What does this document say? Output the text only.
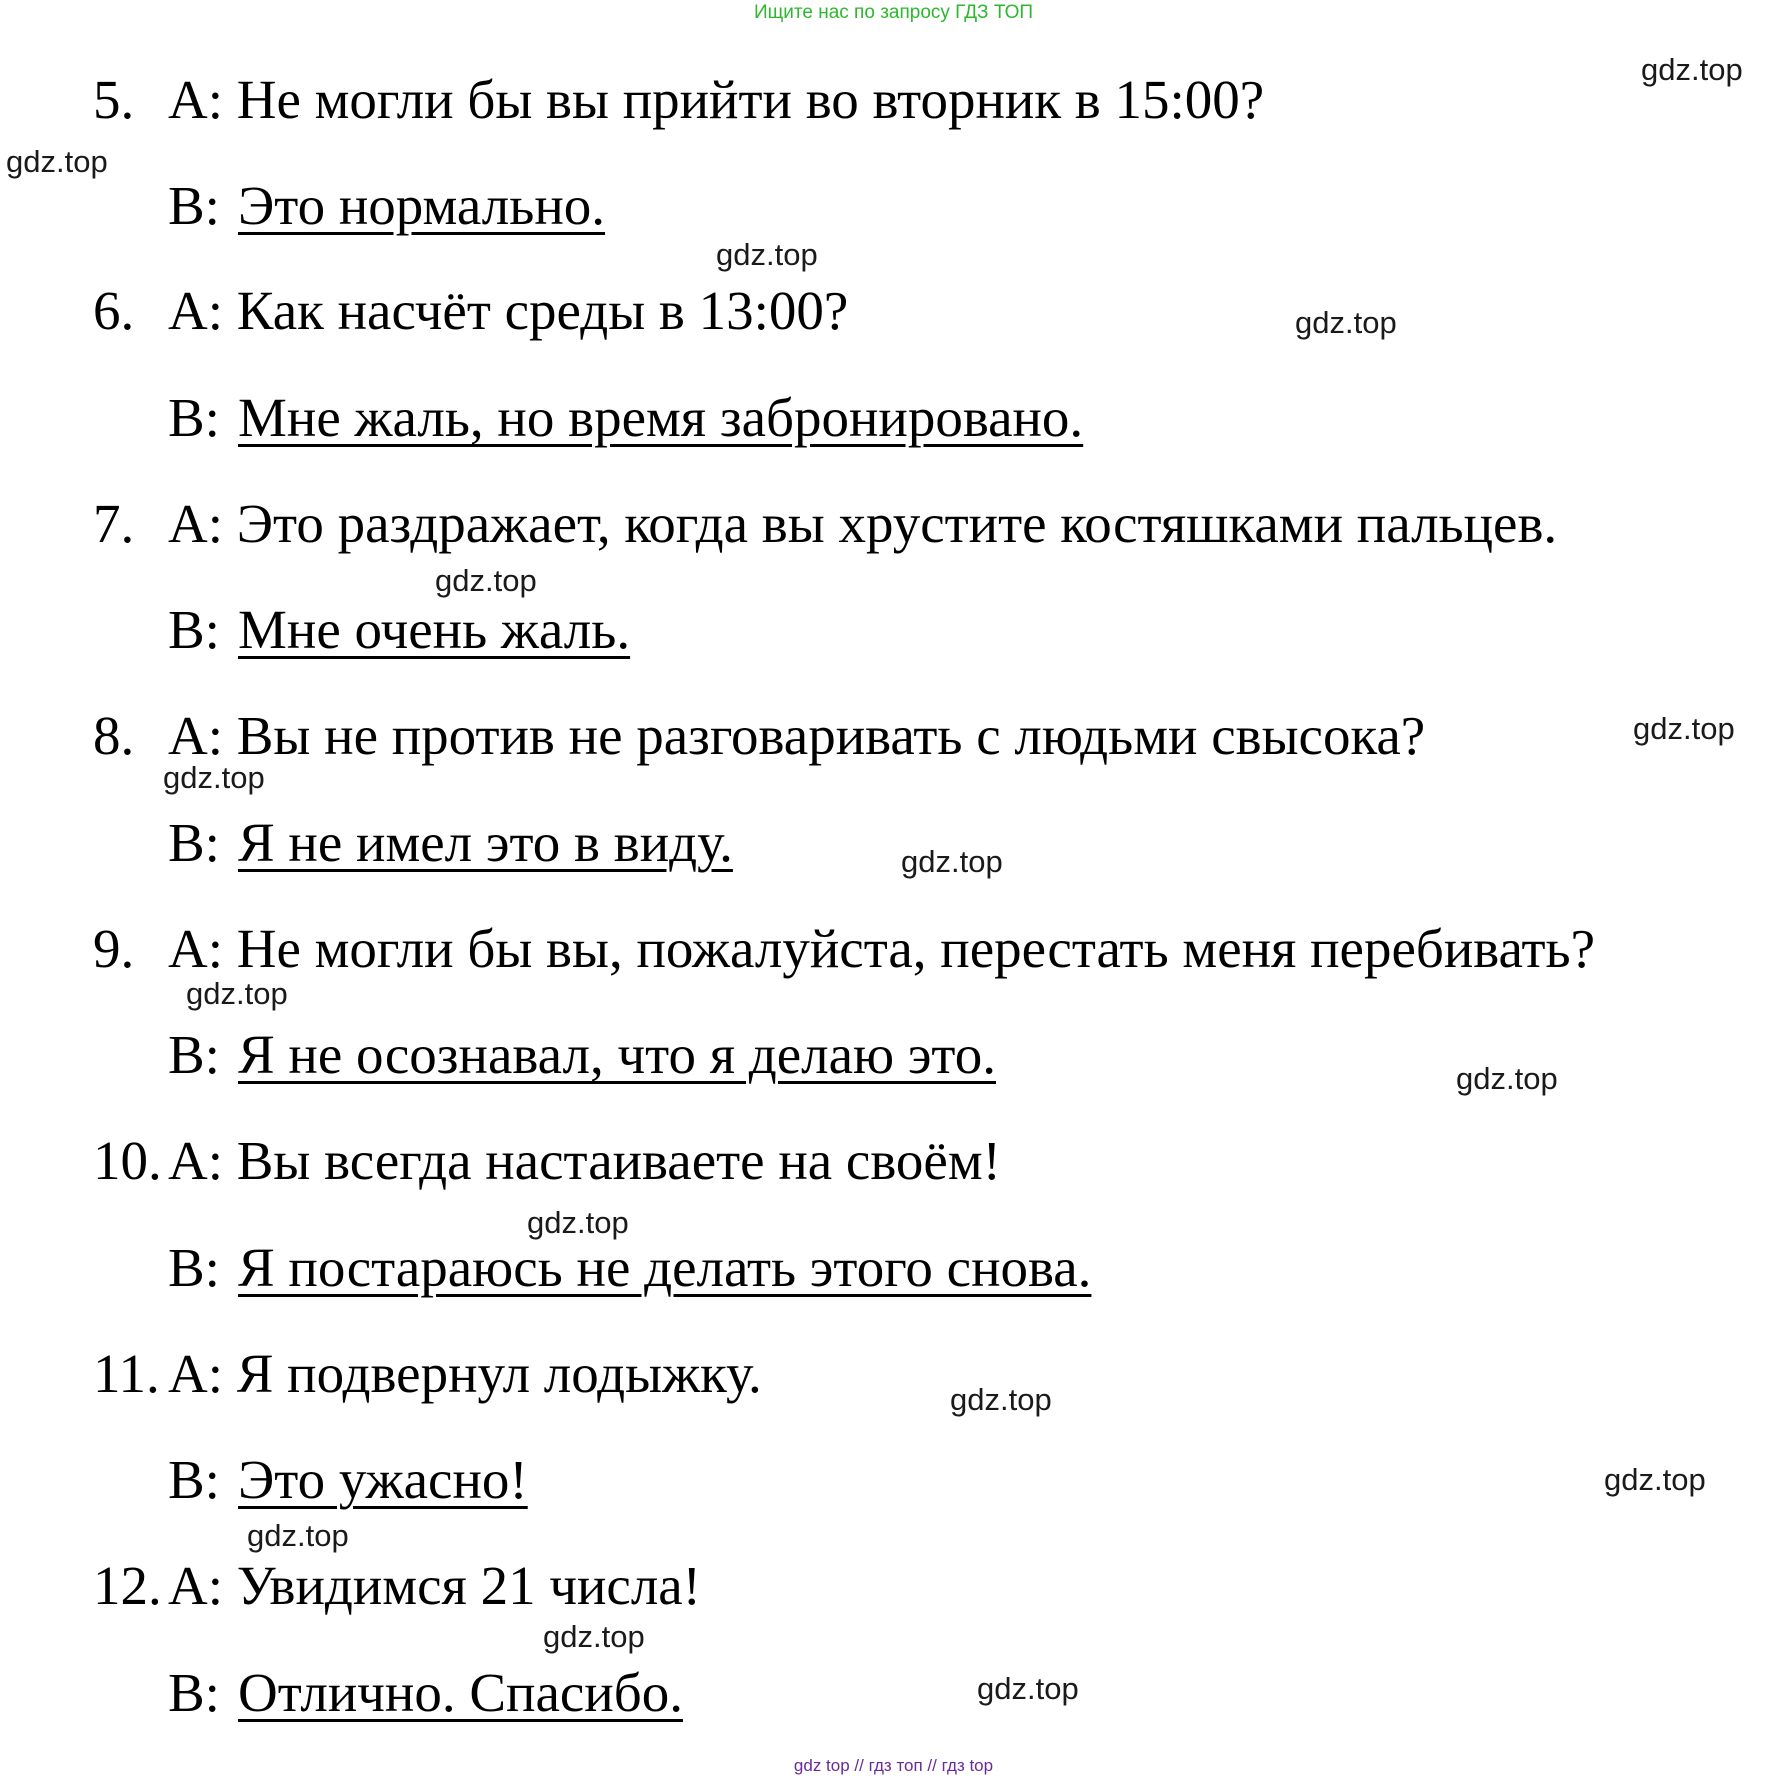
Ищите нас по запросу ГДЗ ТОП
5. A: Не могли бы вы прийти во вторник в 15:00?
B: Это нормально.
6. A: Как насчёт среды в 13:00?
B: Мне жаль, но время забронировано.
7. A: Это раздражает, когда вы хрустите костяшками пальцев.
B: Мне очень жаль.
8. A: Вы не против не разговаривать с людьми свысока?
B: Я не имел это в виду.
9. A: Не могли бы вы, пожалуйста, перестать меня перебивать?
B: Я не осознавал, что я делаю это.
10. A: Вы всегда настаиваете на своём!
B: Я постараюсь не делать этого снова.
11. A: Я подвернул лодыжку.
B: Это ужасно!
12. A: Увидимся 21 числа!
B: Отлично. Спасибо.
gdz.top
gdz.top
gdz.top
gdz.top
gdz.top
gdz.top
gdz.top
gdz.top
gdz.top
gdz.top
gdz.top
gdz.top
gdz.top
gdz.top
gdz.top
gdz.top
gdz top // гдз топ // гдз top
